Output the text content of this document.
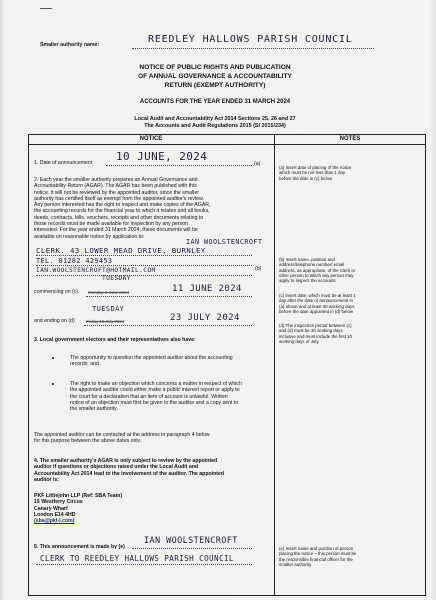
Smaller authority name:	REEDLEY HALLOWS PARISH COUNCIL
NOTICE OF PUBLIC RIGHTS AND PUBLICATION
OF ANNUAL GOVERNANCE & ACCOUNTABILITY
RETURN (EXEMPT AUTHORITY)
ACCOUNTS FOR THE YEAR ENDED 31 MARCH 2024
Local Audit and Accountability Act 2014 Sections 25, 26 and 27
The Accounts and Audit Regulations 2015 (SI 2015/234)
NOTICE	NOTES
1. Date of announcement 10 JUNE, 2024
(a)
2. Each year the smaller authority prepares an Annual Governance and
Accountability Return (AGAR). The AGAR has been published with this
notice. It will not be reviewed by the appointed auditor, since the smaller
authority has certified itself as exempt from the appointed auditor's review.
Any person interested has the right to inspect and make copies of the AGAR,
the accounting records for the financial year to which it relates and all books,
deeds, contracts, bills, vouchers, receipts and other documents relating to
those records must be made available for inspection by any person
interested. For the year ended 31 March 2024, these documents will be
available on reasonable notice by application to:
IAN WOOLSTENCROFT
CLERK. 43 LOWER MEAD DRIVE, BURNLEY
TEL. 01282 429453
IAN.WOOLSTENCROFT@HOTMAIL.COM	(b)
TUESDAY
commencing on (c) Monday 3 June 2024	11 JUNE 2024
TUESDAY
and ending on (d)	Friday 12 July 2024	23 JULY 2024
3. Local government electors and their representatives also have:
The opportunity to question the appointed auditor about the accounting
records; and
The right to make an objection which concerns a matter in respect of which
the appointed auditor could either make a public interest report or apply to
the court for a declaration that an item of account is unlawful. Written
notice of an objection must first be given to the auditor and a copy sent to
the smaller authority.
The appointed auditor can be contacted at the address in paragraph 4 below
for this purpose between the above dates only.
4. The smaller authority's AGAR is only subject to review by the appointed
auditor if questions or objections raised under the Local Audit and
Accountability Act 2014 lead to the involvement of the auditor. The appointed
auditor is:
PKF Littlejohn LLP (Ref: SBA Team)
15 Westferry Circus
Canary Wharf
London E14 4HD
(sba@pkf-l.com)
5. This announcement is made by (e)
IAN WOOLSTENCROFT
CLERK TO REEDLEY HALLOWS PARISH COUNCIL
(a) Insert date of placing of the notice
which must be not less than 1 day
before the date in (c) below
(b) Insert name, position and
address/telephone number/ email
address, as appropriate, of the Clerk or
other person to which any person may
apply to inspect the accounts
(c) Insert date, which must be at least 1
day after the date of announcement in
(a) above and at least 30 working days
before the date appointed in (d) below
(d) The inspection period between (c)
and (d) must be 30 working days
inclusive and must include the first 10
working days of July.
(e) Insert name and position of person
placing the notice – this person must be
the responsible financial officer for the
smaller authority
